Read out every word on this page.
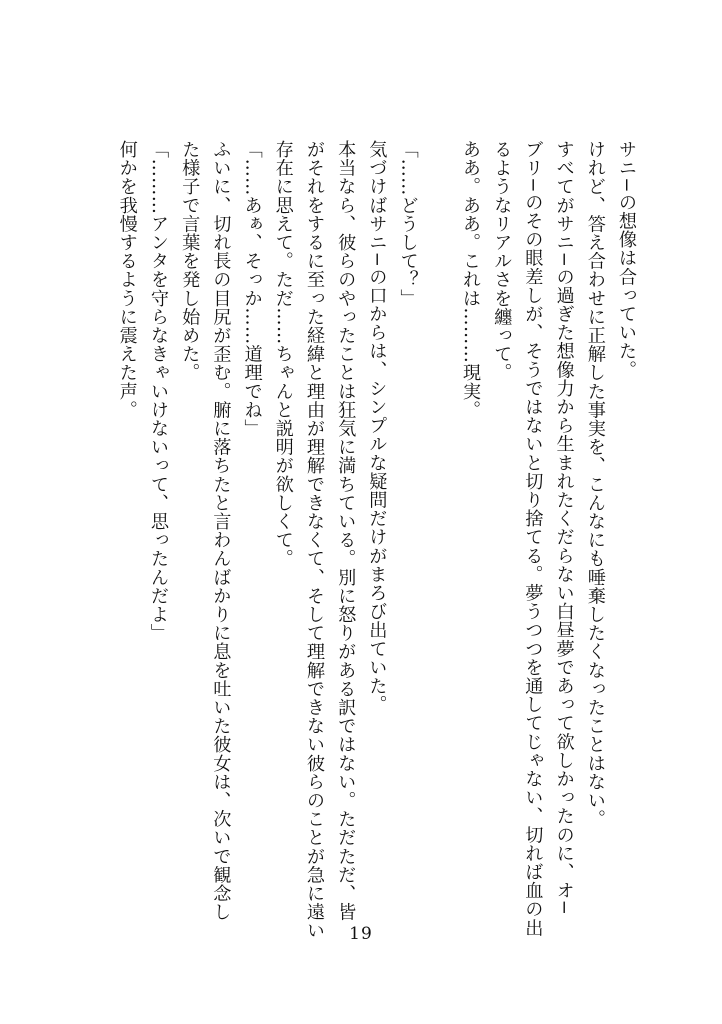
サニ−の想像は合っていた。
けれど、答え合わせに正解した事実を、こんなにも唾棄したくなったことはない。
すべてがサニ−の過ぎた想像力から生まれたくだらない白昼夢であって欲しかったのに、オ−
ブリ−のその眼差しが、そうではないと切り捨てる。夢うつつを通してじゃない、切れば血の出
るようなリアルさを纏って。
ああ。ああ。これは………現実。
「……どうして？」
気づけばサニ−の口からは、シンプルな疑問だけがまろび出ていた。
本当なら、彼らのやったことは狂気に満ちている。別に怒りがある訳ではない。ただただ、皆
がそれをするに至った経緯と理由が理解できなくて、そして理解できない彼らのことが急に遠い
存在に思えて。ただ……ちゃんと説明が欲しくて。
「……あぁ、そっか……道理でね」
ふいに、切れ長の目尻が歪む。腑に落ちたと言わんばかりに息を吐いた彼女は、次いで観念し
た様子で言葉を発し始めた。
「………アンタを守らなきゃいけないって、思ったんだよ」
何かを我慢するように震えた声。
19
